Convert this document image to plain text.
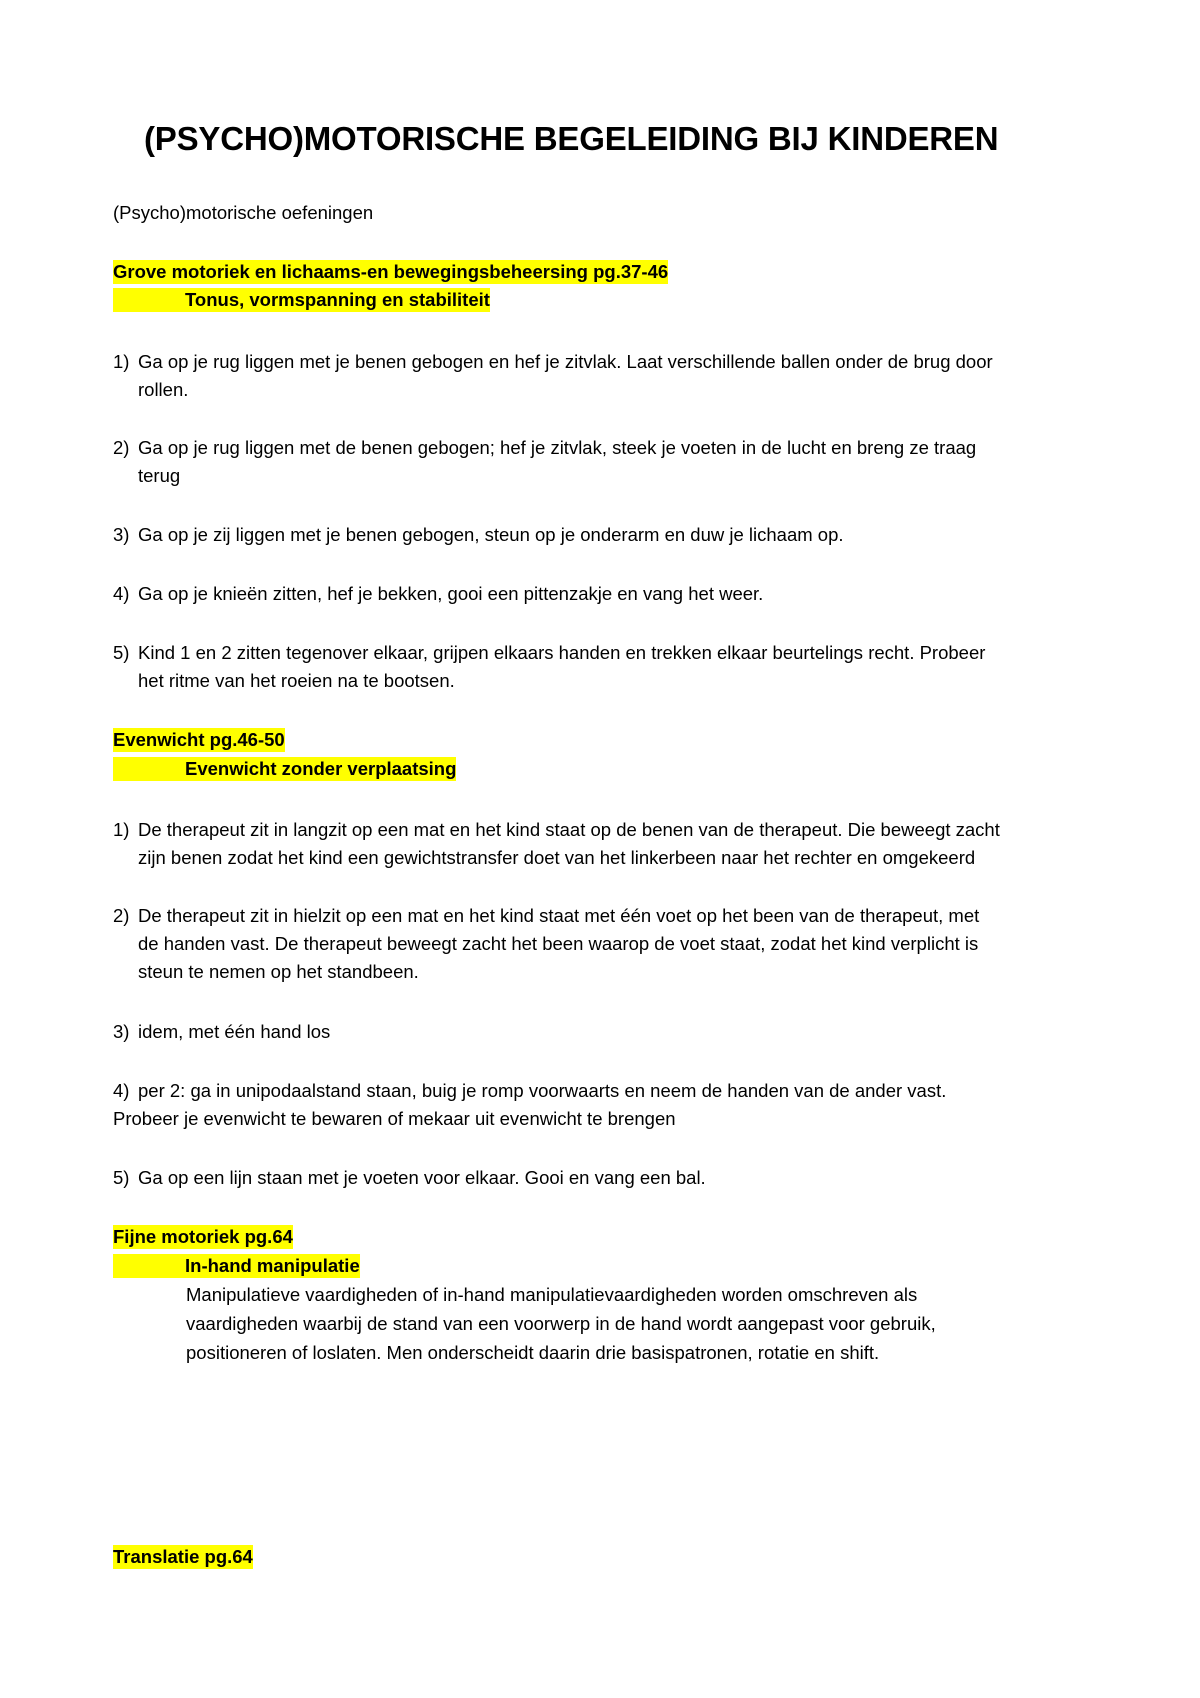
(PSYCHO)MOTORISCHE BEGELEIDING BIJ KINDEREN
(Psycho)motorische oefeningen
Grove motoriek en lichaams-en bewegingsbeheersing pg.37-46
Tonus, vormspanning en stabiliteit
1) Ga op je rug liggen met je benen gebogen en hef je zitvlak. Laat verschillende ballen onder de brug door
rollen.
2) Ga op je rug liggen met de benen gebogen; hef je zitvlak, steek je voeten in de lucht en breng ze traag
terug
3) Ga op je zij liggen met je benen gebogen, steun op je onderarm en duw je lichaam op.
4) Ga op je knieën zitten, hef je bekken, gooi een pittenzakje en vang het weer.
5) Kind 1 en 2 zitten tegenover elkaar, grijpen elkaars handen en trekken elkaar beurtelings recht. Probeer
het ritme van het roeien na te bootsen.
Evenwicht pg.46-50
Evenwicht zonder verplaatsing
1) De therapeut zit in langzit op een mat en het kind staat op de benen van de therapeut. Die beweegt zacht
zijn benen zodat het kind een gewichtstransfer doet van het linkerbeen naar het rechter en omgekeerd
2) De therapeut zit in hielzit op een mat en het kind staat met één voet op het been van de therapeut, met
de handen vast. De therapeut beweegt zacht het been waarop de voet staat, zodat het kind verplicht is
steun te nemen op het standbeen.
3) idem, met één hand los
4) per 2: ga in unipodaalstand staan, buig je romp voorwaarts en neem de handen van de ander vast.
Probeer je evenwicht te bewaren of mekaar uit evenwicht te brengen
5) Ga op een lijn staan met je voeten voor elkaar. Gooi en vang een bal.
Fijne motoriek pg.64
In-hand manipulatie
Manipulatieve vaardigheden of in-hand manipulatievaardigheden worden omschreven als
vaardigheden waarbij de stand van een voorwerp in de hand wordt aangepast voor gebruik,
positioneren of loslaten. Men onderscheidt daarin drie basispatronen, rotatie en shift.
Translatie pg.64
